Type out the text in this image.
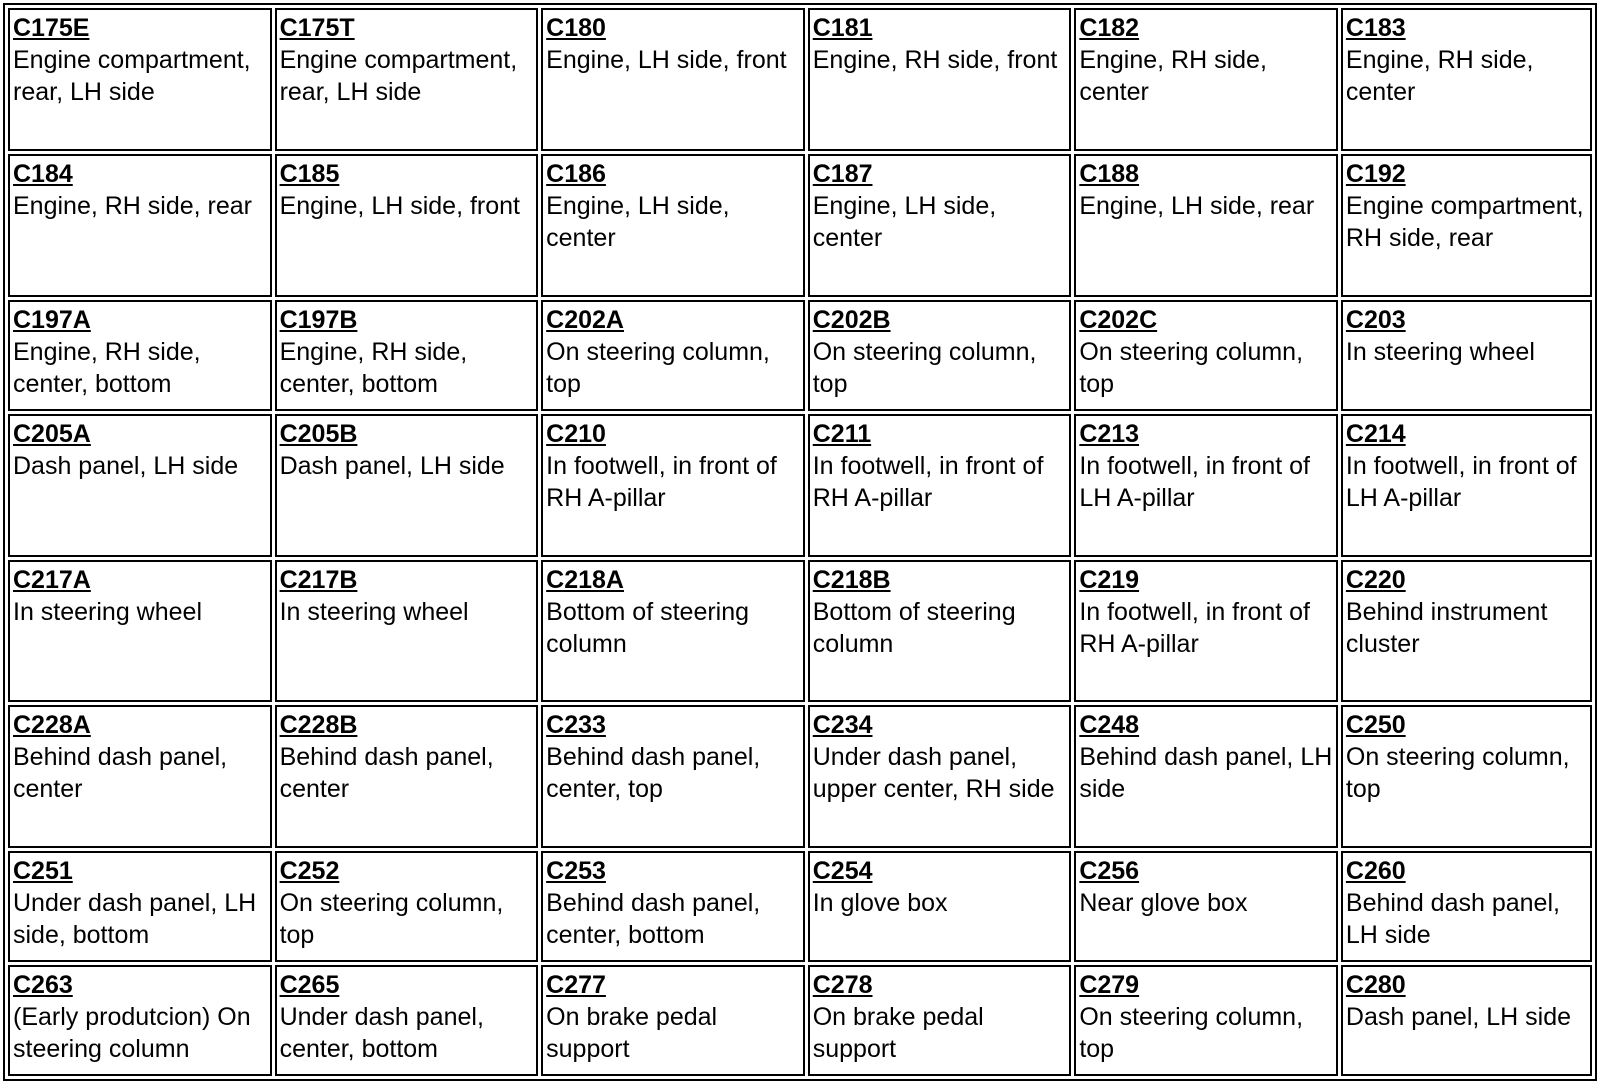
C175E
Engine compartment, rear, LH side	C175T
Engine compartment, rear, LH side	C180
Engine, LH side, front	C181
Engine, RH side, front	C182
Engine, RH side, center	C183
Engine, RH side, center

C184
Engine, RH side, rear	C185
Engine, LH side, front	C186
Engine, LH side, center	C187
Engine, LH side, center	C188
Engine, LH side, rear	C192
Engine compartment, RH side, rear

C197A
Engine, RH side, center, bottom	C197B
Engine, RH side, center, bottom	C202A
On steering column, top	C202B
On steering column, top	C202C
On steering column, top	C203
In steering wheel

C205A
Dash panel, LH side	C205B
Dash panel, LH side	C210
In footwell, in front of RH A-pillar	C211
In footwell, in front of RH A-pillar	C213
In footwell, in front of LH A-pillar	C214
In footwell, in front of LH A-pillar

C217A
In steering wheel	C217B
In steering wheel	C218A
Bottom of steering column	C218B
Bottom of steering column	C219
In footwell, in front of RH A-pillar	C220
Behind instrument cluster

C228A
Behind dash panel, center	C228B
Behind dash panel, center	C233
Behind dash panel, center, top	C234
Under dash panel, upper center, RH side	C248
Behind dash panel, LH side	C250
On steering column, top

C251
Under dash panel, LH side, bottom	C252
On steering column, top	C253
Behind dash panel, center, bottom	C254
In glove box	C256
Near glove box	C260
Behind dash panel, LH side

C263
(Early produtcion) On steering column	C265
Under dash panel, center, bottom	C277
On brake pedal support	C278
On brake pedal support	C279
On steering column, top	C280
Dash panel, LH side
